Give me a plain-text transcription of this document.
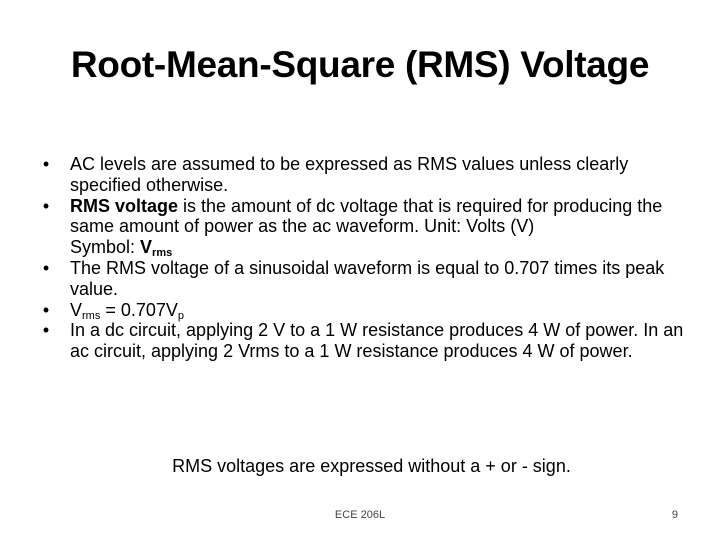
Root-Mean-Square (RMS) Voltage
•	AC levels are assumed to be expressed as RMS values unless clearly specified otherwise.
•	RMS voltage is the amount of dc voltage that is required for producing the same amount of power as the ac waveform. Unit: Volts (V)
Symbol: $V_{rms}$
•	The RMS voltage of a sinusoidal waveform is equal to 0.707 times its peak value.
•	$V_{rms} = 0.707V_p$
•	In a dc circuit, applying 2 V to a 1 W resistance produces 4 W of power. In an ac circuit, applying 2 Vrms to a 1 W resistance produces 4 W of power.
RMS voltages are expressed without a + or - sign.
ECE 206L	9
